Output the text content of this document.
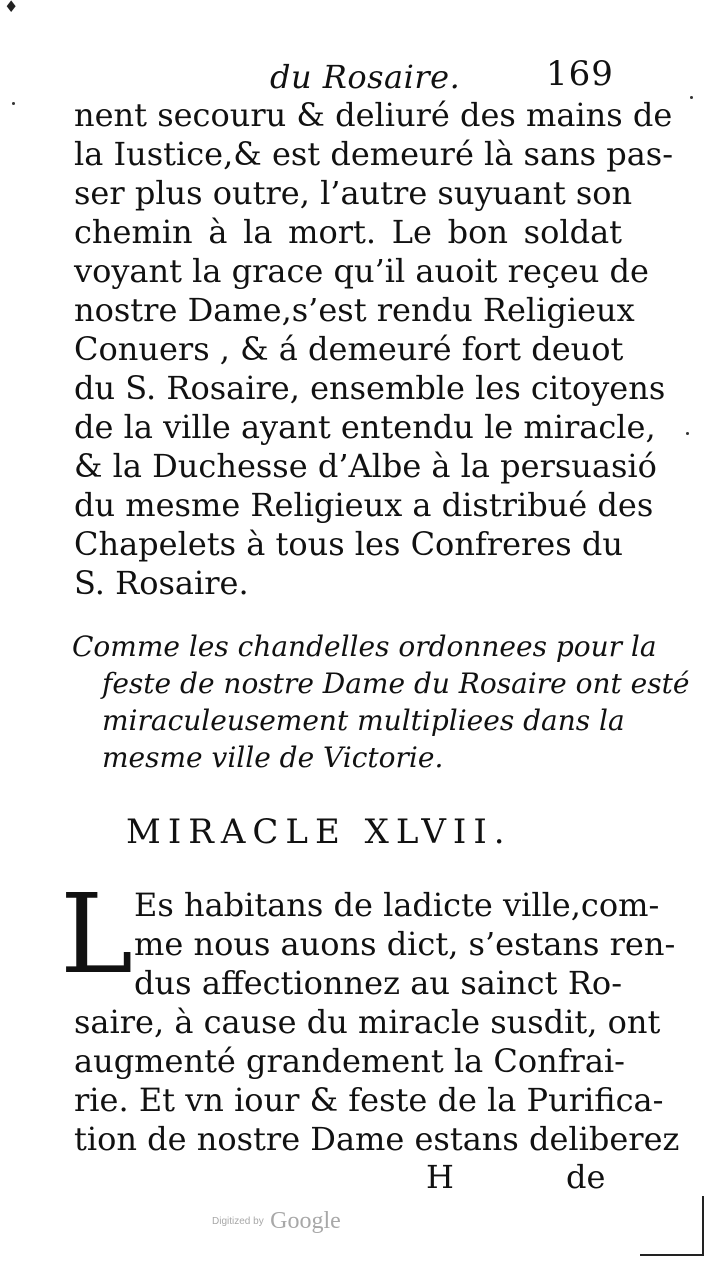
♦
du Rosaire.	169
nent secouru & deliuré des mains de
la Iustice,& est demeuré là sans pas-
ser plus outre, l’autre suyuant son
chemin à la mort. Le bon soldat
voyant la grace qu’il auoit reçeu de
nostre Dame,s’est rendu Religieux
Conuers , & á demeuré fort deuot
du S. Rosaire, ensemble les citoyens
de la ville ayant entendu le miracle,
& la Duchesse d’Albe à la persuasió
du mesme Religieux a distribué des
Chapelets à tous les Confreres du
S. Rosaire.
Comme les chandelles ordonnees pour la
feste de nostre Dame du Rosaire ont esté
miraculeusement multipliees dans la
mesme ville de Victorie.
MIRACLE XLVII.
L Es habitans de ladicte ville,com-
me nous auons dict, s’estans ren-
dus affectionnez au sainct Ro-
saire, à cause du miracle susdit, ont
augmenté grandement la Confrai-
rie. Et vn iour & feste de la Purifica-
tion de nostre Dame estans deliberez
H	de
Digitized by Google
